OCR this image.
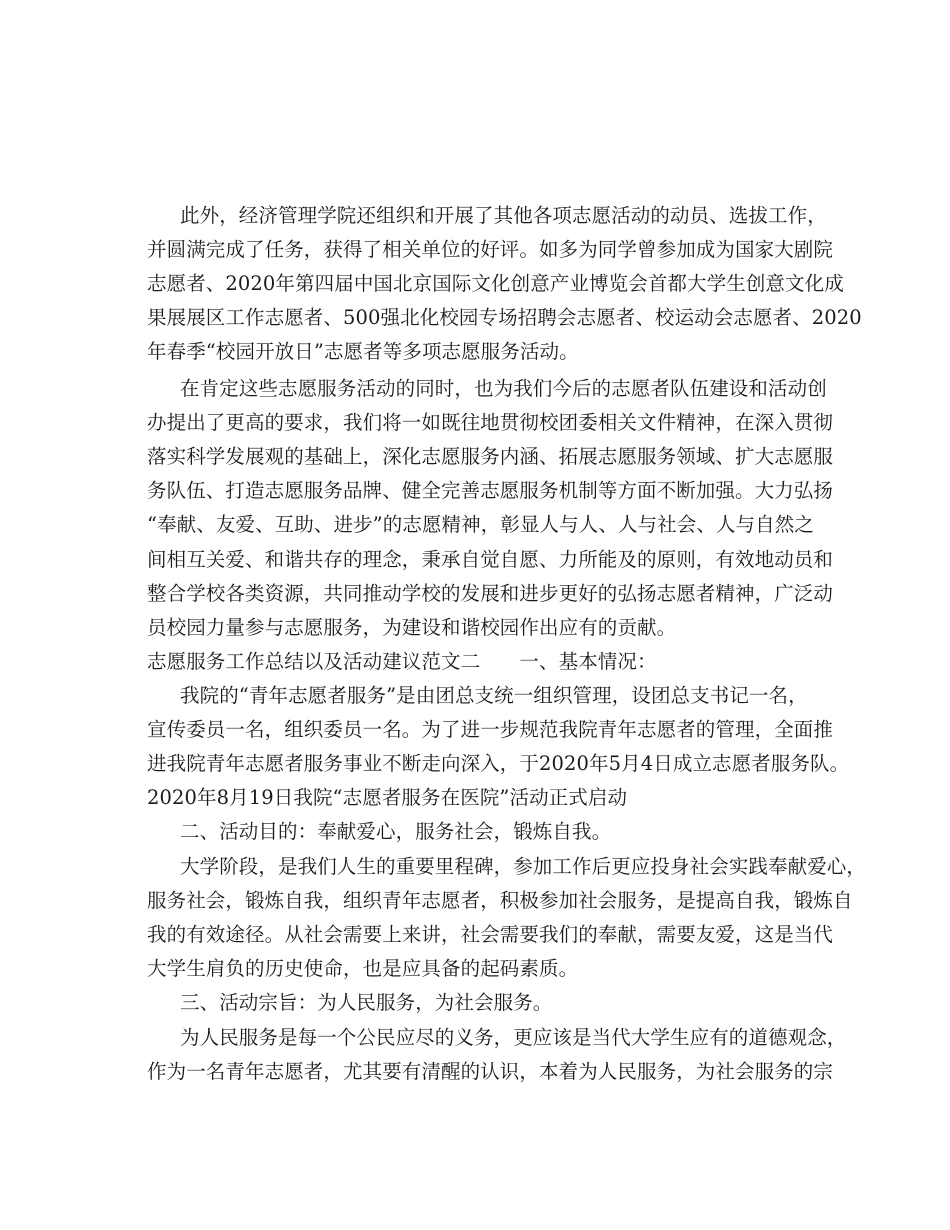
此外，经济管理学院还组织和开展了其他各项志愿活动的动员、选拔工作，
并圆满完成了任务，获得了相关单位的好评。如多为同学曾参加成为国家大剧院
志愿者、2020年第四届中国北京国际文化创意产业博览会首都大学生创意文化成
果展展区工作志愿者、500强北化校园专场招聘会志愿者、校运动会志愿者、2020
年春季“校园开放日”志愿者等多项志愿服务活动。
在肯定这些志愿服务活动的同时，也为我们今后的志愿者队伍建设和活动创
办提出了更高的要求，我们将一如既往地贯彻校团委相关文件精神，在深入贯彻
落实科学发展观的基础上，深化志愿服务内涵、拓展志愿服务领域、扩大志愿服
务队伍、打造志愿服务品牌、健全完善志愿服务机制等方面不断加强。大力弘扬
“奉献、友爱、互助、进步”的志愿精神，彰显人与人、人与社会、人与自然之
间相互关爱、和谐共存的理念，秉承自觉自愿、力所能及的原则，有效地动员和
整合学校各类资源，共同推动学校的发展和进步更好的弘扬志愿者精神，广泛动
员校园力量参与志愿服务，为建设和谐校园作出应有的贡献。
志愿服务工作总结以及活动建议范文二　　一、基本情况：
我院的“青年志愿者服务”是由团总支统一组织管理，设团总支书记一名，
宣传委员一名，组织委员一名。为了进一步规范我院青年志愿者的管理，全面推
进我院青年志愿者服务事业不断走向深入，于2020年5月4日成立志愿者服务队。
2020年8月19日我院“志愿者服务在医院”活动正式启动
二、活动目的：奉献爱心，服务社会，锻炼自我。
大学阶段，是我们人生的重要里程碑，参加工作后更应投身社会实践奉献爱心，
服务社会，锻炼自我，组织青年志愿者，积极参加社会服务，是提高自我，锻炼自
我的有效途径。从社会需要上来讲，社会需要我们的奉献，需要友爱，这是当代
大学生肩负的历史使命，也是应具备的起码素质。
三、活动宗旨：为人民服务，为社会服务。
为人民服务是每一个公民应尽的义务，更应该是当代大学生应有的道德观念，
作为一名青年志愿者，尤其要有清醒的认识，本着为人民服务，为社会服务的宗
